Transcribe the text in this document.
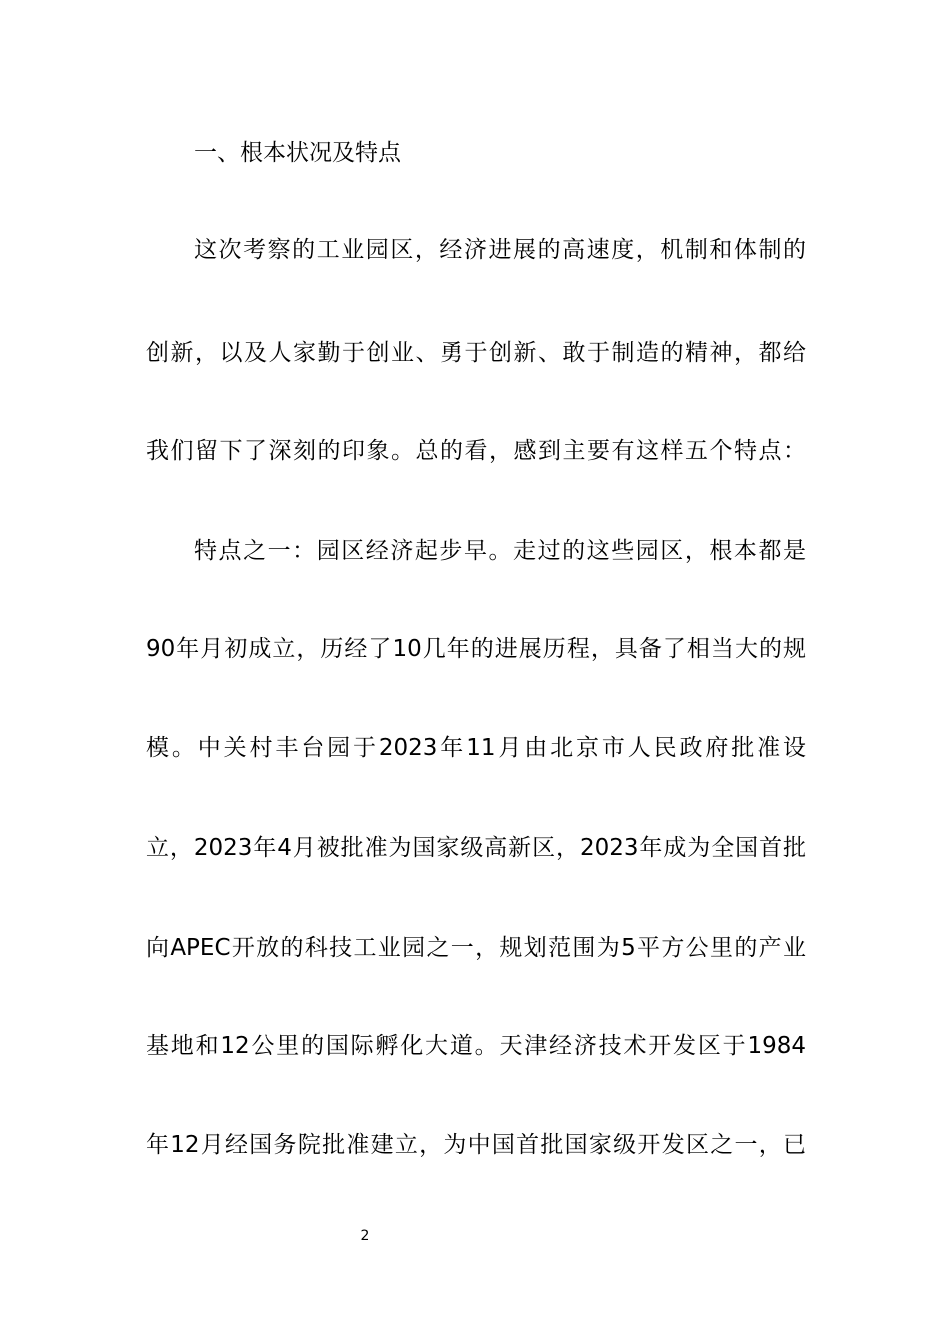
一、根本状况及特点
这次考察的工业园区，经济进展的高速度，机制和体制的
创新，以及人家勤于创业、勇于创新、敢于制造的精神，都给
我们留下了深刻的印象。总的看，感到主要有这样五个特点：
特点之一：园区经济起步早。走过的这些园区，根本都是
90年月初成立，历经了10几年的进展历程，具备了相当大的规
模。中关村丰台园于2023年11月由北京市人民政府批准设
立，2023年4月被批准为国家级高新区，2023年成为全国首批
向APEC开放的科技工业园之一，规划范围为5平方公里的产业
基地和12公里的国际孵化大道。天津经济技术开发区于1984
年12月经国务院批准建立，为中国首批国家级开发区之一，已
2
